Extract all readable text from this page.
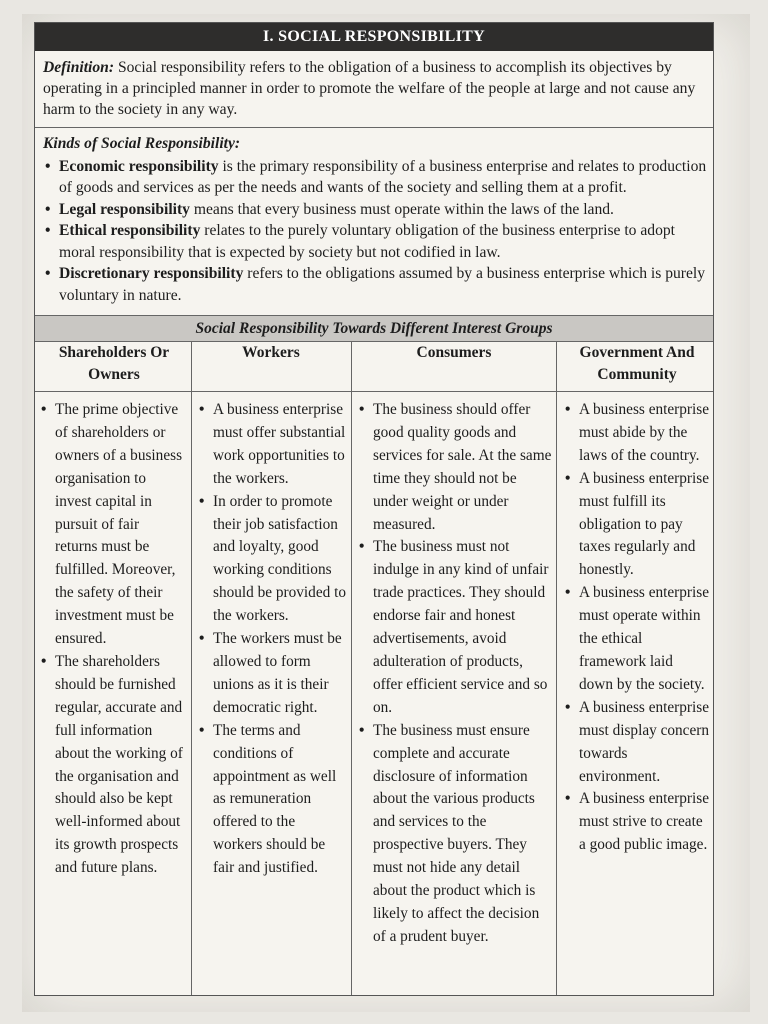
I. SOCIAL RESPONSIBILITY
Definition: Social responsibility refers to the obligation of a business to accomplish its objectives by operating in a principled manner in order to promote the welfare of the people at large and not cause any harm to the society in any way.
Kinds of Social Responsibility:
• Economic responsibility is the primary responsibility of a business enterprise and relates to production of goods and services as per the needs and wants of the society and selling them at a profit.
• Legal responsibility means that every business must operate within the laws of the land.
• Ethical responsibility relates to the purely voluntary obligation of the business enterprise to adopt moral responsibility that is expected by society but not codified in law.
• Discretionary responsibility refers to the obligations assumed by a business enterprise which is purely voluntary in nature.
Social Responsibility Towards Different Interest Groups
Shareholders Or Owners
Workers	Consumers	Government And Community
• The prime objective of shareholders or owners of a business organisation to invest capital in pursuit of fair returns must be fulfilled. Moreover, the safety of their investment must be ensured.
• The shareholders should be furnished regular, accurate and full information about the working of the organisation and should also be kept well-informed about its growth prospects and future plans.
• A business enterprise must offer substantial work opportunities to the workers.
• In order to promote their job satisfaction and loyalty, good working conditions should be provided to the workers.
• The workers must be allowed to form unions as it is their democratic right.
• The terms and conditions of appointment as well as remuneration offered to the workers should be fair and justified.
• The business should offer good quality goods and services for sale. At the same time they should not be under weight or under measured.
• The business must not indulge in any kind of unfair trade practices. They should endorse fair and honest advertisements, avoid adulteration of products, offer efficient service and so on.
• The business must ensure complete and accurate disclosure of information about the various products and services to the prospective buyers. They must not hide any detail about the product which is likely to affect the decision of a prudent buyer.
• A business enterprise must abide by the laws of the country.
• A business enterprise must fulfill its obligation to pay taxes regularly and honestly.
• A business enterprise must operate within the ethical framework laid down by the society.
• A business enterprise must display concern towards environment.
• A business enterprise must strive to create a good public image.
